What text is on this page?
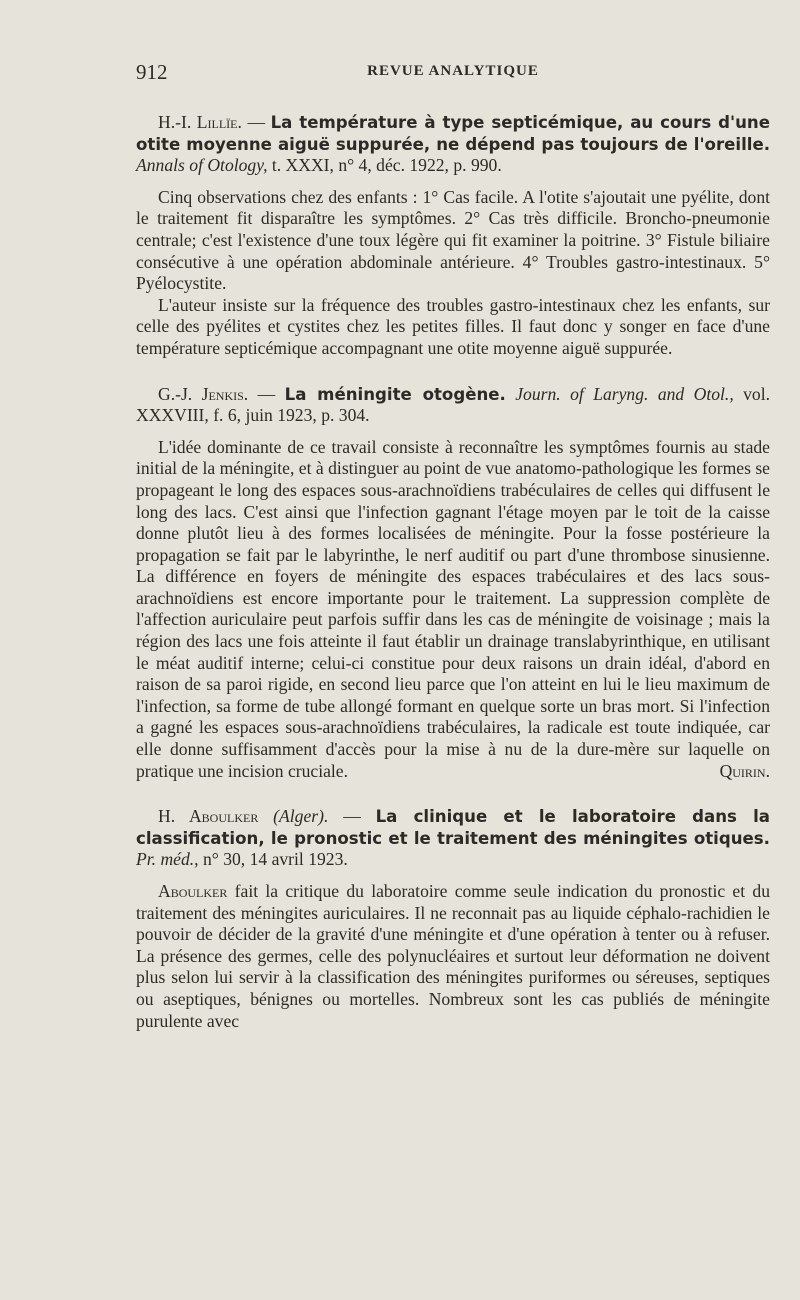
912	REVUE ANALYTIQUE

H.-I. Lillïe. — La température à type septicémique, au cours d'une otite moyenne aiguë suppurée, ne dépend pas toujours de l'oreille. Annals of Otology, t. XXXI, n° 4, déc. 1922, p. 990.

Cinq observations chez des enfants : 1° Cas facile. A l'otite s'ajoutait une pyélite, dont le traitement fit disparaître les symptômes. 2° Cas très difficile. Broncho-pneumonie centrale; c'est l'existence d'une toux légère qui fit examiner la poitrine. 3° Fistule biliaire consécutive à une opération abdominale antérieure. 4° Troubles gastro-intestinaux. 5° Pyélocystite.

L'auteur insiste sur la fréquence des troubles gastro-intestinaux chez les enfants, sur celle des pyélites et cystites chez les petites filles. Il faut donc y songer en face d'une température septicémique accompagnant une otite moyenne aiguë suppurée.

G.-J. Jenkis. — La méningite otogène. Journ. of Laryng. and Otol., vol. XXXVIII, f. 6, juin 1923, p. 304.

L'idée dominante de ce travail consiste à reconnaître les symptômes fournis au stade initial de la méningite, et à distinguer au point de vue anatomo-pathologique les formes se propageant le long des espaces sous-arachnoïdiens trabéculaires de celles qui diffusent le long des lacs. C'est ainsi que l'infection gagnant l'étage moyen par le toit de la caisse donne plutôt lieu à des formes localisées de méningite. Pour la fosse postérieure la propagation se fait par le labyrinthe, le nerf auditif ou part d'une thrombose sinusienne. La différence en foyers de méningite des espaces trabéculaires et des lacs sous-arachnoïdiens est encore importante pour le traitement. La suppression complète de l'affection auriculaire peut parfois suffir dans les cas de méningite de voisinage ; mais la région des lacs une fois atteinte il faut établir un drainage translabyrinthique, en utilisant le méat auditif interne; celui-ci constitue pour deux raisons un drain idéal, d'abord en raison de sa paroi rigide, en second lieu parce que l'on atteint en lui le lieu maximum de l'infection, sa forme de tube allongé formant en quelque sorte un bras mort. Si l'infection a gagné les espaces sous-arachnoïdiens trabéculaires, la radicale est toute indiquée, car elle donne suffisamment d'accès pour la mise à nu de la dure-mère sur laquelle on pratique une incision cruciale.	Quirin.

H. Aboulker (Alger). — La clinique et le laboratoire dans la classification, le pronostic et le traitement des méningites otiques. Pr. méd., n° 30, 14 avril 1923.

Aboulker fait la critique du laboratoire comme seule indication du pronostic et du traitement des méningites auriculaires. Il ne reconnait pas au liquide céphalo-rachidien le pouvoir de décider de la gravité d'une méningite et d'une opération à tenter ou à refuser. La présence des germes, celle des polynucléaires et surtout leur déformation ne doivent plus selon lui servir à la classification des méningites puriformes ou séreuses, septiques ou aseptiques, bénignes ou mortelles. Nombreux sont les cas publiés de méningite purulente avec
